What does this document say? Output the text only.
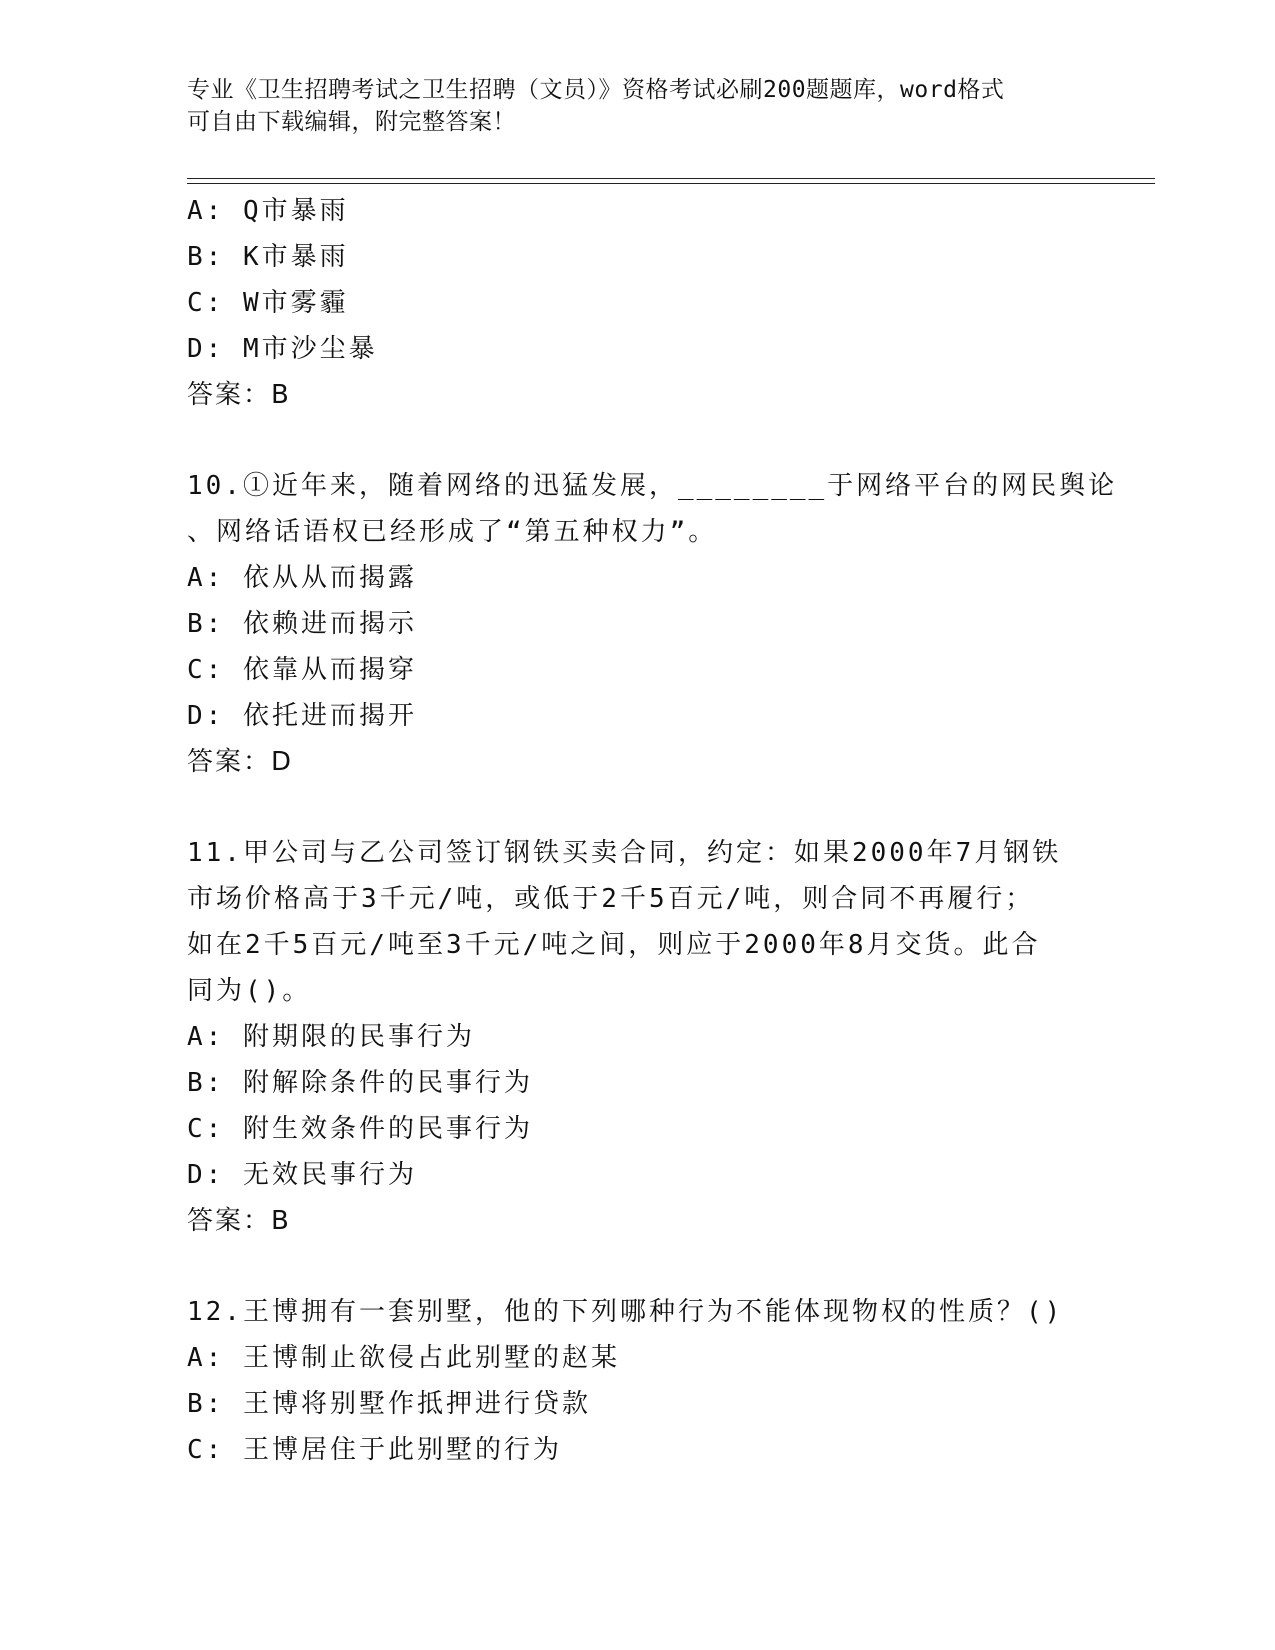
专业《卫生招聘考试之卫生招聘（文员）》资格考试必刷200题题库，word格式
可自由下载编辑，附完整答案！
A: Q市暴雨
B: K市暴雨
C: W市雾霾
D: M市沙尘暴
答案：B
10.①近年来，随着网络的迅猛发展，________于网络平台的网民舆论
、网络话语权已经形成了“第五种权力”。
A: 依从从而揭露
B: 依赖进而揭示
C: 依靠从而揭穿
D: 依托进而揭开
答案：D
11.甲公司与乙公司签订钢铁买卖合同，约定：如果2000年7月钢铁
市场价格高于3千元/吨，或低于2千5百元/吨，则合同不再履行；
如在2千5百元/吨至3千元/吨之间，则应于2000年8月交货。此合
同为()。
A: 附期限的民事行为
B: 附解除条件的民事行为
C: 附生效条件的民事行为
D: 无效民事行为
答案：B
12.王博拥有一套别墅，他的下列哪种行为不能体现物权的性质？()
A: 王博制止欲侵占此别墅的赵某
B: 王博将别墅作抵押进行贷款
C: 王博居住于此别墅的行为
